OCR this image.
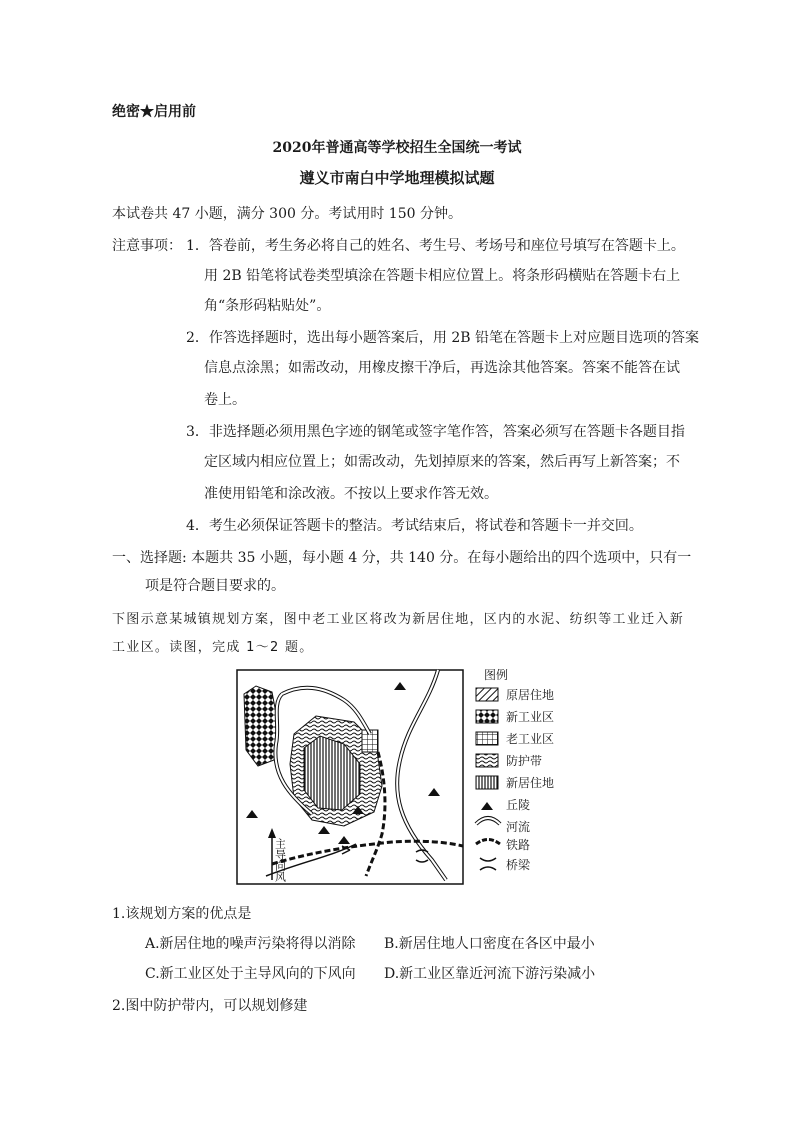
绝密★启用前
2020年普通高等学校招生全国统一考试
遵义市南白中学地理模拟试题
本试卷共 47 小题，满分 300 分。考试用时 150 分钟。
注意事项： 1．答卷前，考生务必将自己的姓名、考生号、考场号和座位号填写在答题卡上。
用 2B 铅笔将试卷类型填涂在答题卡相应位置上。将条形码横贴在答题卡右上
角“条形码粘贴处”。
2．作答选择题时，选出每小题答案后，用 2B 铅笔在答题卡上对应题目选项的答案
信息点涂黑；如需改动，用橡皮擦干净后，再选涂其他答案。答案不能答在试
卷上。
3．非选择题必须用黑色字迹的钢笔或签字笔作答，答案必须写在答题卡各题目指
定区域内相应位置上；如需改动，先划掉原来的答案，然后再写上新答案；不
准使用铅笔和涂改液。不按以上要求作答无效。
4．考生必须保证答题卡的整洁。考试结束后，将试卷和答题卡一并交回。
一、选择题: 本题共 35 小题，每小题 4 分，共 140 分。在每小题给出的四个选项中，只有一
项是符合题目要求的。
下图示意某城镇规划方案，图中老工业区将改为新居住地，区内的水泥、纺织等工业迁入新
工业区。读图，完成 1～2 题。
主导向风
图例
原居住地
新工业区
老工业区
防护带
新居住地
丘陵
河流
铁路
桥梁
1.该规划方案的优点是
A.新居住地的噪声污染将得以消除 B.新居住地人口密度在各区中最小
C.新工业区处于主导风向的下风向 D.新工业区靠近河流下游污染减小
2.图中防护带内，可以规划修建
